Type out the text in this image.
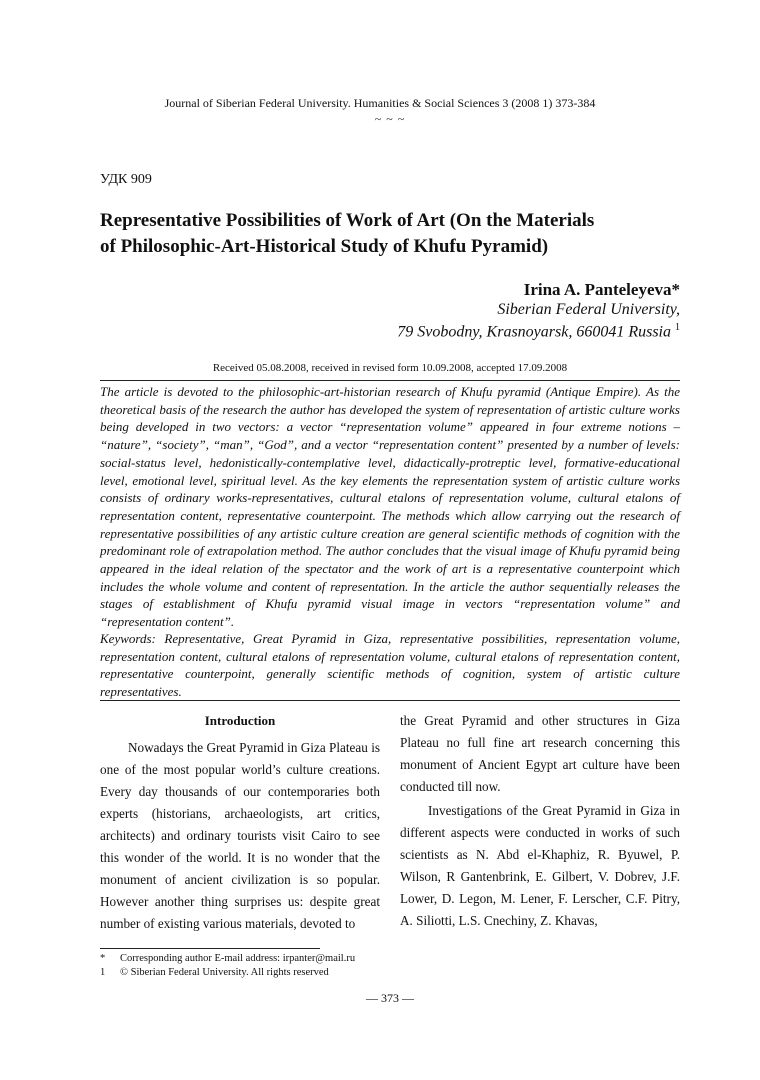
Journal of Siberian Federal University. Humanities & Social Sciences 3 (2008 1) 373-384
~ ~ ~
УДК 909
Representative Possibilities of Work of Art (On the Materials
of Philosophic-Art-Historical Study of Khufu Pyramid)
Irina A. Panteleyeva*
Siberian Federal University,
79 Svobodny, Krasnoyarsk, 660041 Russia $^1$
Received 05.08.2008, received in revised form 10.09.2008, accepted 17.09.2008
The article is devoted to the philosophic-art-historian research of Khufu pyramid (Antique Empire). As the theoretical basis of the research the author has developed the system of representation of artistic culture works being developed in two vectors: a vector “representation volume” appeared in four extreme notions – “nature”, “society”, “man”, “God”, and a vector “representation content” presented by a number of levels: social-status level, hedonistically-contemplative level, didactically-protreptic level, formative-educational level, emotional level, spiritual level. As the key elements the representation system of artistic culture works consists of ordinary works-representatives, cultural etalons of representation volume, cultural etalons of representation content, representative counterpoint. The methods which allow carrying out the research of representative possibilities of any artistic culture creation are general scientific methods of cognition with the predominant role of extrapolation method. The author concludes that the visual image of Khufu pyramid being appeared in the ideal relation of the spectator and the work of art is a representative counterpoint which includes the whole volume and content of representation. In the article the author sequentially releases the stages of establishment of Khufu pyramid visual image in vectors “representation volume” and “representation content”.
Keywords: Representative, Great Pyramid in Giza, representative possibilities, representation volume, representation content, cultural etalons of representation volume, cultural etalons of representation content, representative counterpoint, generally scientific methods of cognition, system of artistic culture representatives.
Introduction

Nowadays the Great Pyramid in Giza Plateau is one of the most popular world’s culture creations. Every day thousands of our contemporaries both experts (historians, archaeologists, art critics, architects) and ordinary tourists visit Cairo to see this wonder of the world. It is no wonder that the monument of ancient civilization is so popular. However another thing surprises us: despite great number of existing various materials, devoted to

the Great Pyramid and other structures in Giza Plateau no full fine art research concerning this monument of Ancient Egypt art culture have been conducted till now.

Investigations of the Great Pyramid in Giza in different aspects were conducted in works of such scientists as N. Abd el-Khaphiz, R. Byuwel, P. Wilson, R Gantenbrink, E. Gilbert, V. Dobrev, J.F. Lower, D. Legon, M. Lener, F. Lerscher, C.F. Pitry, A. Siliotti, L.S. Cnechiny, Z. Khavas,

* Corresponding author E-mail address: irpanter@mail.ru
1 © Siberian Federal University. All rights reserved
— 373 —
